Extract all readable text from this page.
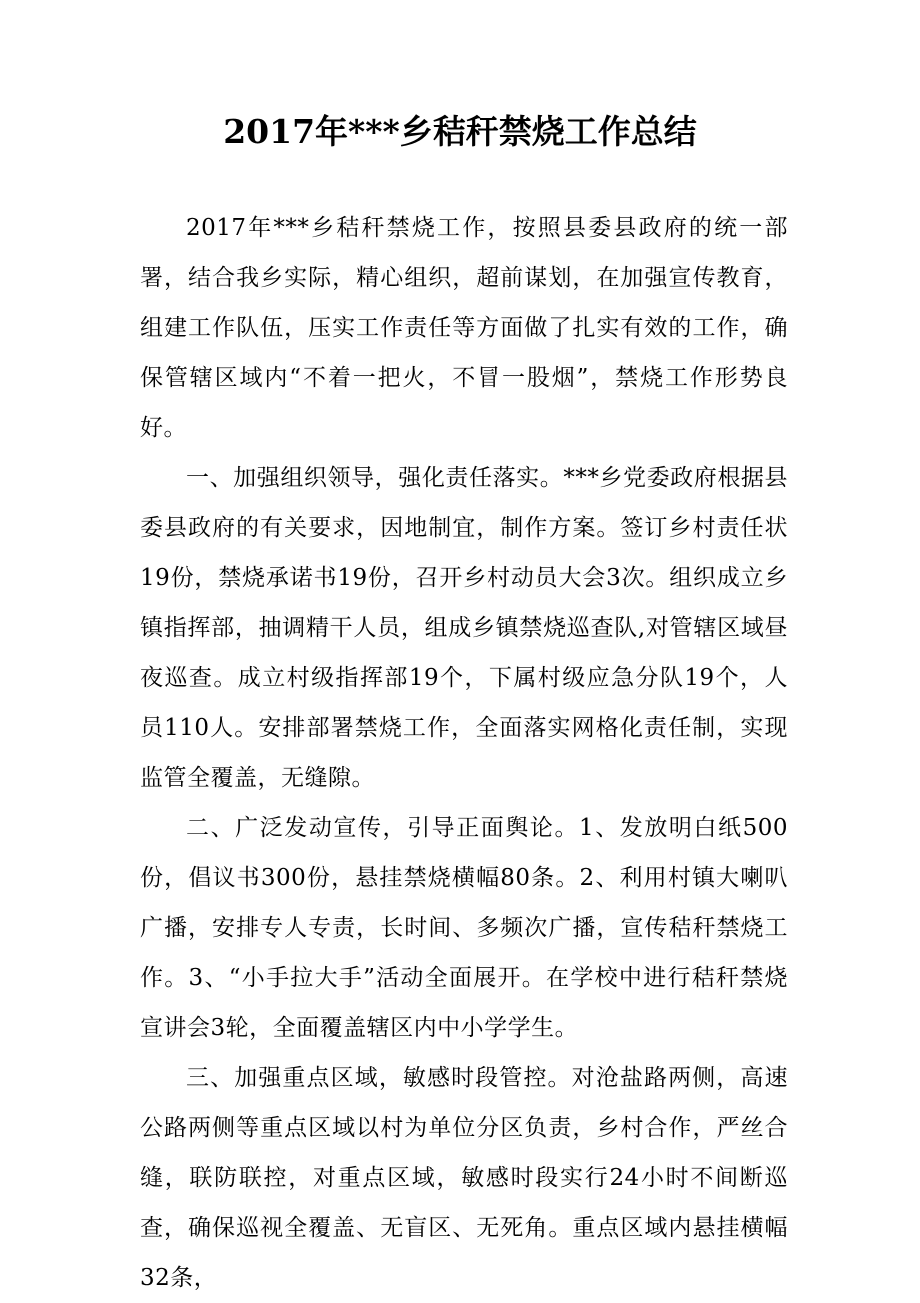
2017年***乡秸秆禁烧工作总结

2017年***乡秸秆禁烧工作，按照县委县政府的统一部署，结合我乡实际，精心组织，超前谋划，在加强宣传教育，组建工作队伍，压实工作责任等方面做了扎实有效的工作，确保管辖区域内“不着一把火，不冒一股烟”，禁烧工作形势良好。

一、加强组织领导，强化责任落实。***乡党委政府根据县委县政府的有关要求，因地制宜，制作方案。签订乡村责任状19份，禁烧承诺书19份，召开乡村动员大会3次。组织成立乡镇指挥部，抽调精干人员，组成乡镇禁烧巡查队,对管辖区域昼夜巡查。成立村级指挥部19个，下属村级应急分队19个，人员110人。安排部署禁烧工作，全面落实网格化责任制，实现监管全覆盖，无缝隙。

二、广泛发动宣传，引导正面舆论。1、发放明白纸500份，倡议书300份，悬挂禁烧横幅80条。2、利用村镇大喇叭广播，安排专人专责，长时间、多频次广播，宣传秸秆禁烧工作。3、“小手拉大手”活动全面展开。在学校中进行秸秆禁烧宣讲会3轮，全面覆盖辖区内中小学学生。

三、加强重点区域，敏感时段管控。对沧盐路两侧，高速公路两侧等重点区域以村为单位分区负责，乡村合作，严丝合缝，联防联控，对重点区域，敏感时段实行24小时不间断巡查，确保巡视全覆盖、无盲区、无死角。重点区域内悬挂横幅32条，
